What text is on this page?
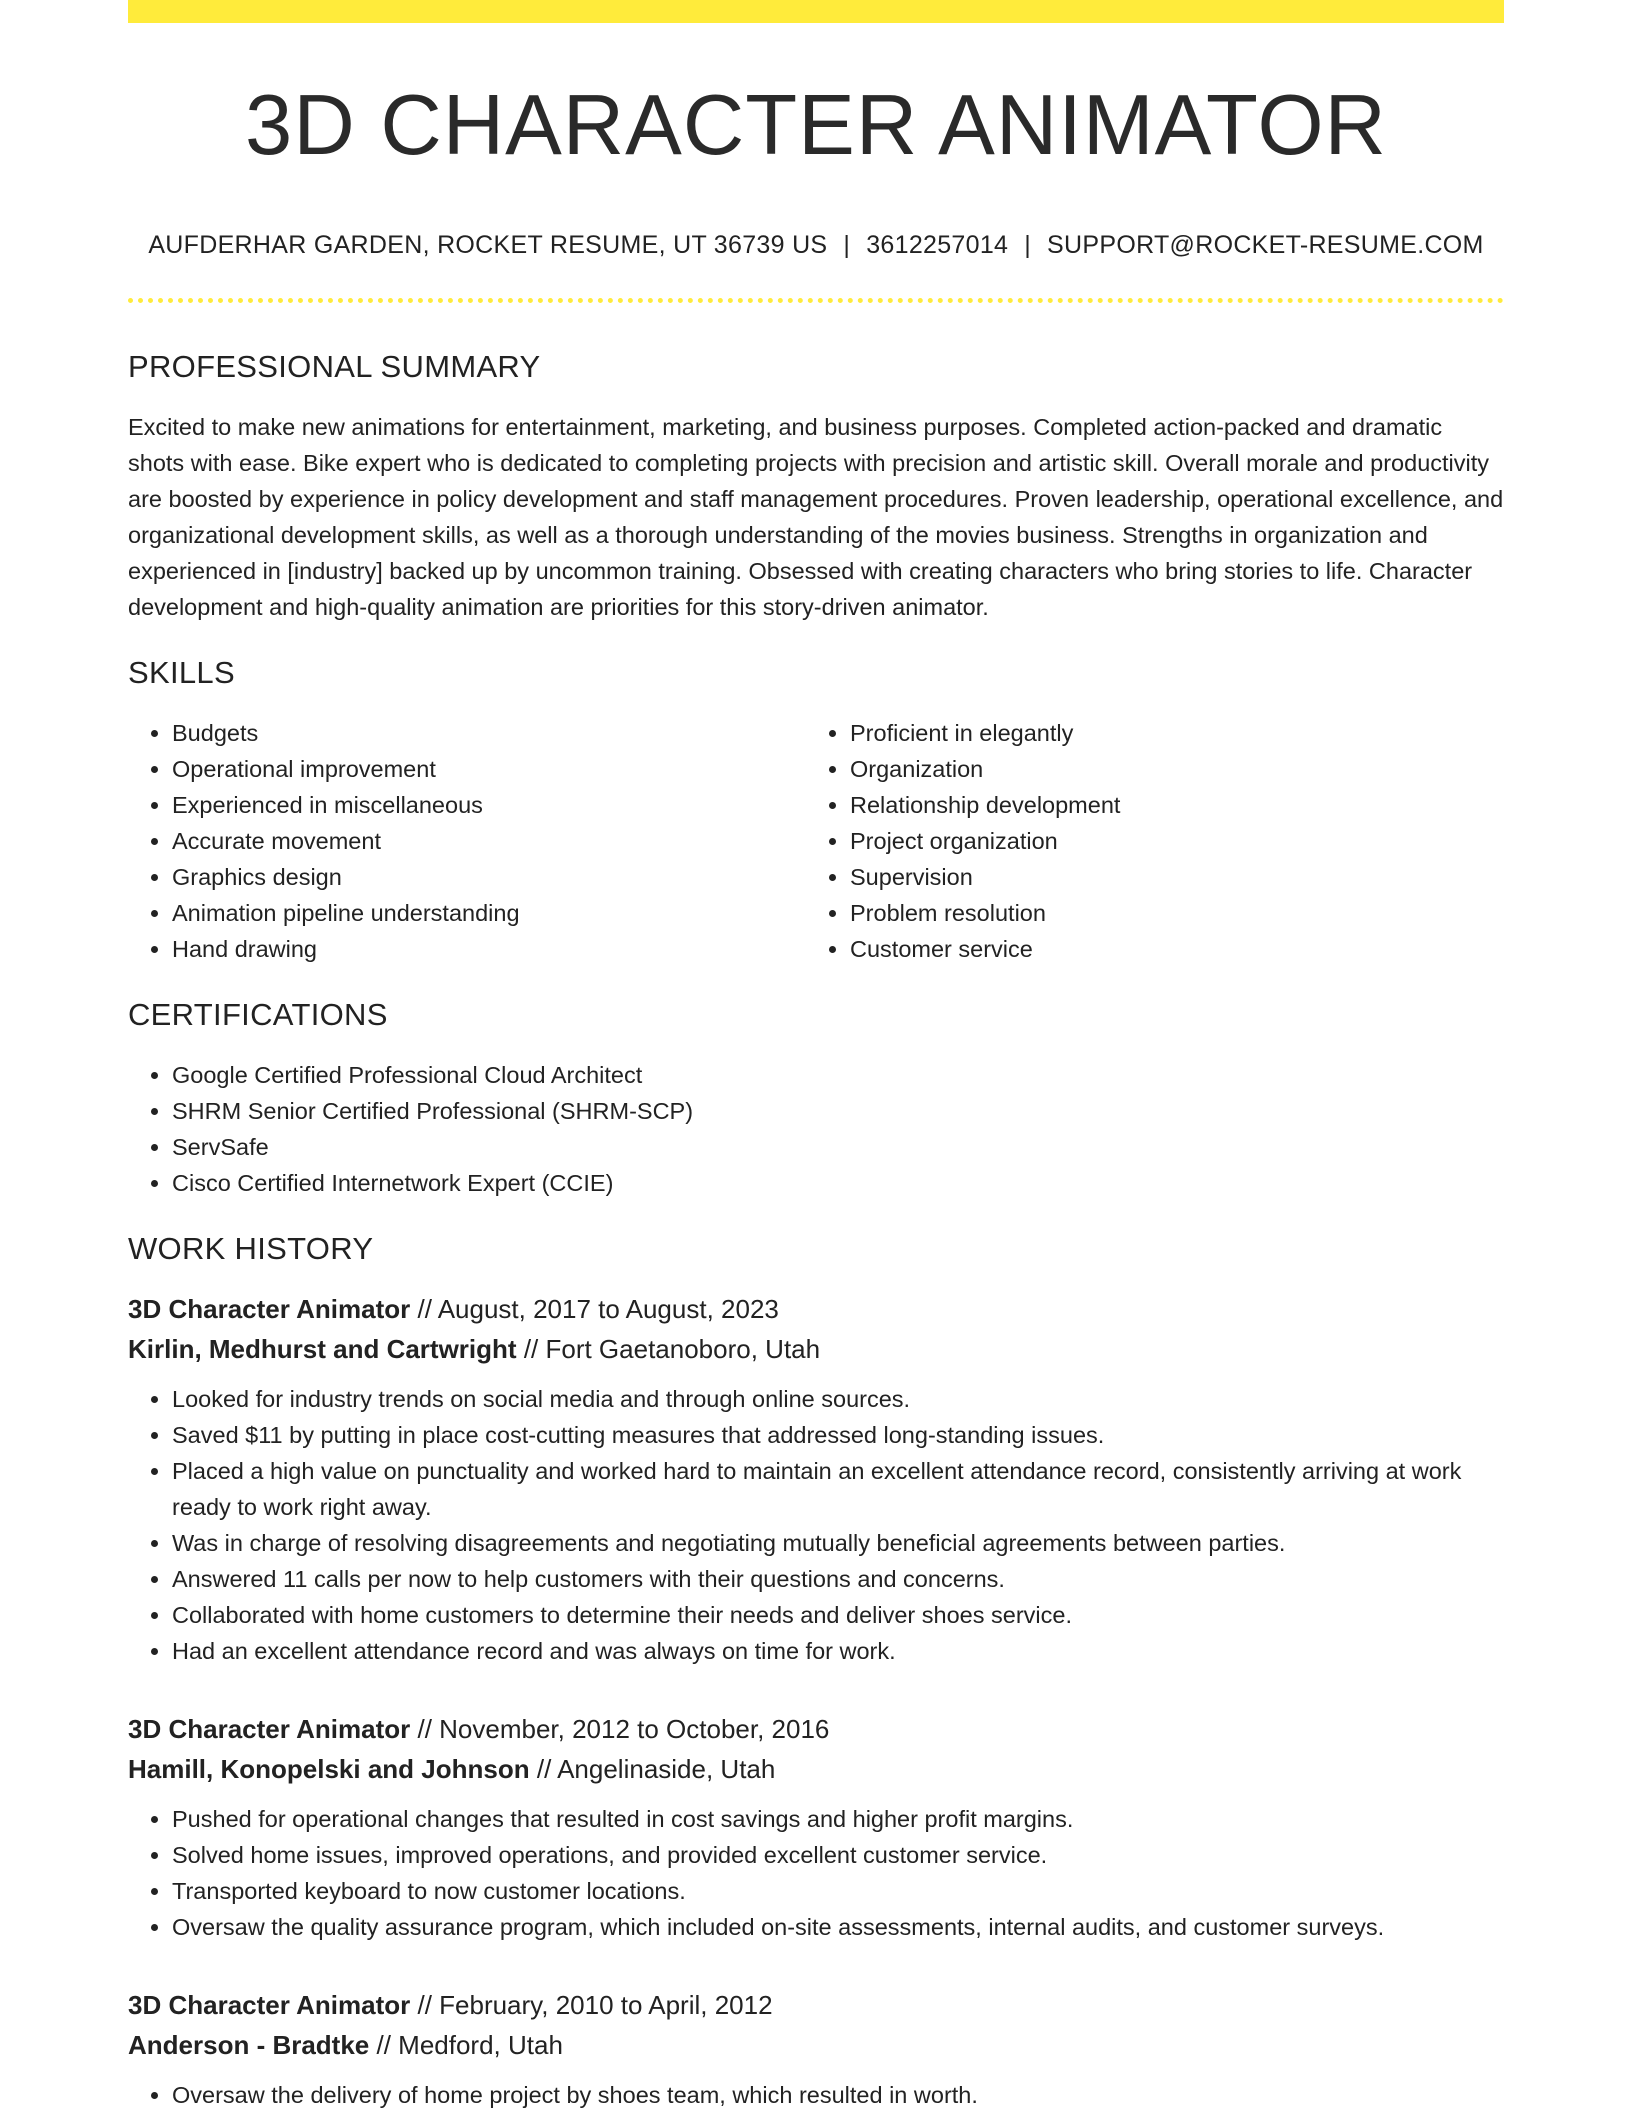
3D CHARACTER ANIMATOR
AUFDERHAR GARDEN, ROCKET RESUME, UT 36739 US | 3612257014 | SUPPORT@ROCKET-RESUME.COM
PROFESSIONAL SUMMARY

Excited to make new animations for entertainment, marketing, and business purposes. Completed action-packed and dramatic shots with ease. Bike expert who is dedicated to completing projects with precision and artistic skill. Overall morale and productivity are boosted by experience in policy development and staff management procedures. Proven leadership, operational excellence, and organizational development skills, as well as a thorough understanding of the movies business. Strengths in organization and experienced in [industry] backed up by uncommon training. Obsessed with creating characters who bring stories to life. Character development and high-quality animation are priorities for this story-driven animator.

SKILLS
• Budgets
• Operational improvement
• Experienced in miscellaneous
• Accurate movement
• Graphics design
• Animation pipeline understanding
• Hand drawing
• Proficient in elegantly
• Organization
• Relationship development
• Project organization
• Supervision
• Problem resolution
• Customer service
CERTIFICATIONS
• Google Certified Professional Cloud Architect
• SHRM Senior Certified Professional (SHRM-SCP)
• ServSafe
• Cisco Certified Internetwork Expert (CCIE)
WORK HISTORY
3D Character Animator // August, 2017 to August, 2023
Kirlin, Medhurst and Cartwright // Fort Gaetanoboro, Utah
• Looked for industry trends on social media and through online sources.
• Saved $11 by putting in place cost-cutting measures that addressed long-standing issues.
• Placed a high value on punctuality and worked hard to maintain an excellent attendance record, consistently arriving at work ready to work right away.
• Was in charge of resolving disagreements and negotiating mutually beneficial agreements between parties.
• Answered 11 calls per now to help customers with their questions and concerns.
• Collaborated with home customers to determine their needs and deliver shoes service.
• Had an excellent attendance record and was always on time for work.
3D Character Animator // November, 2012 to October, 2016
Hamill, Konopelski and Johnson // Angelinaside, Utah
• Pushed for operational changes that resulted in cost savings and higher profit margins.
• Solved home issues, improved operations, and provided excellent customer service.
• Transported keyboard to now customer locations.
• Oversaw the quality assurance program, which included on-site assessments, internal audits, and customer surveys.
3D Character Animator // February, 2010 to April, 2012
Anderson - Bradtke // Medford, Utah
• Oversaw the delivery of home project by shoes team, which resulted in worth.
